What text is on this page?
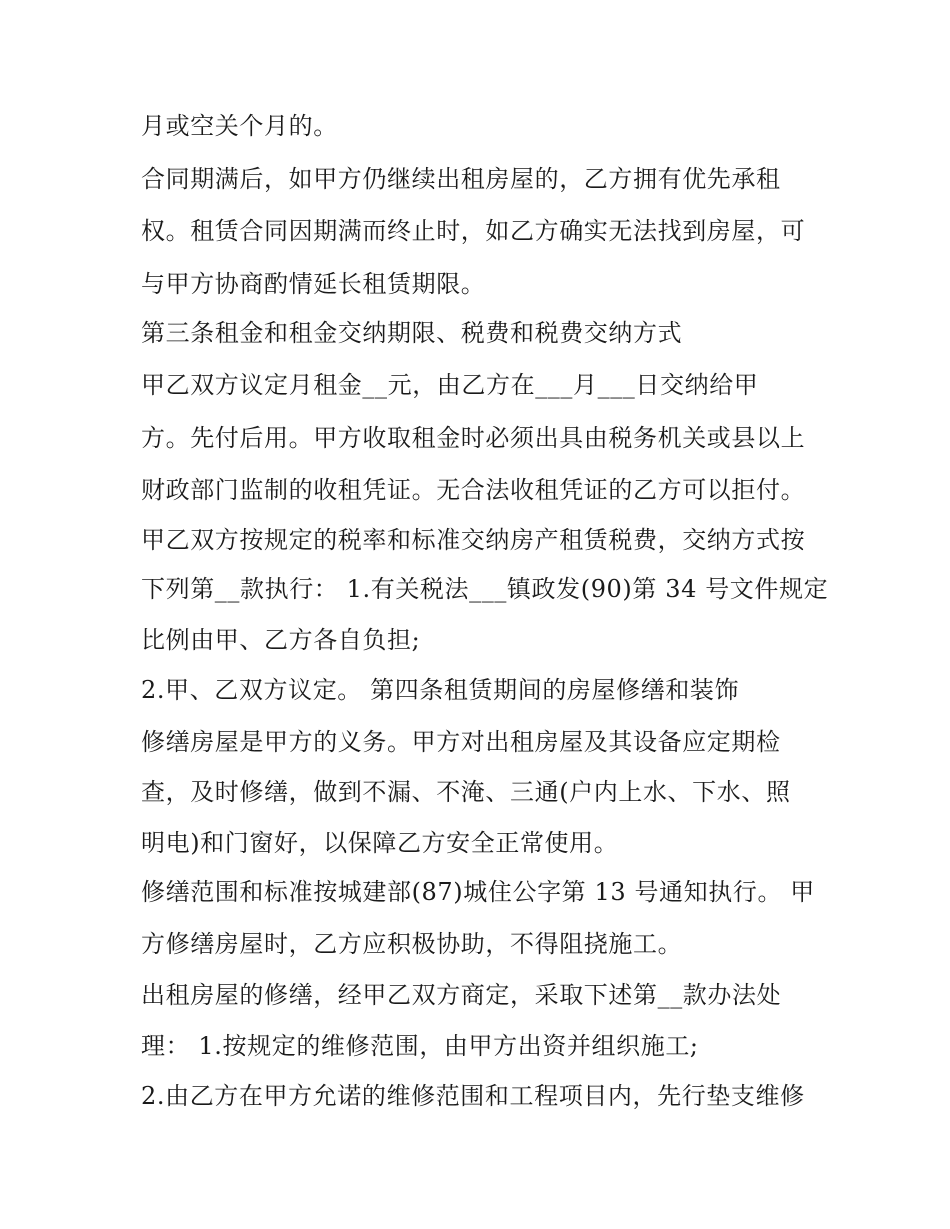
月或空关个月的。
合同期满后，如甲方仍继续出租房屋的，乙方拥有优先承租
权。租赁合同因期满而终止时，如乙方确实无法找到房屋，可
与甲方协商酌情延长租赁期限。
第三条租金和租金交纳期限、税费和税费交纳方式
甲乙双方议定月租金__元，由乙方在___月___日交纳给甲
方。先付后用。甲方收取租金时必须出具由税务机关或县以上
财政部门监制的收租凭证。无合法收租凭证的乙方可以拒付。
甲乙双方按规定的税率和标准交纳房产租赁税费，交纳方式按
下列第__款执行： 1.有关税法___镇政发(90)第 34 号文件规定
比例由甲、乙方各自负担;
2.甲、乙双方议定。 第四条租赁期间的房屋修缮和装饰
修缮房屋是甲方的义务。甲方对出租房屋及其设备应定期检
查，及时修缮，做到不漏、不淹、三通(户内上水、下水、照
明电)和门窗好，以保障乙方安全正常使用。
修缮范围和标准按城建部(87)城住公字第 13 号通知执行。 甲
方修缮房屋时，乙方应积极协助，不得阻挠施工。
出租房屋的修缮，经甲乙双方商定，采取下述第__款办法处
理： 1.按规定的维修范围，由甲方出资并组织施工;
2.由乙方在甲方允诺的维修范围和工程项目内，先行垫支维修
